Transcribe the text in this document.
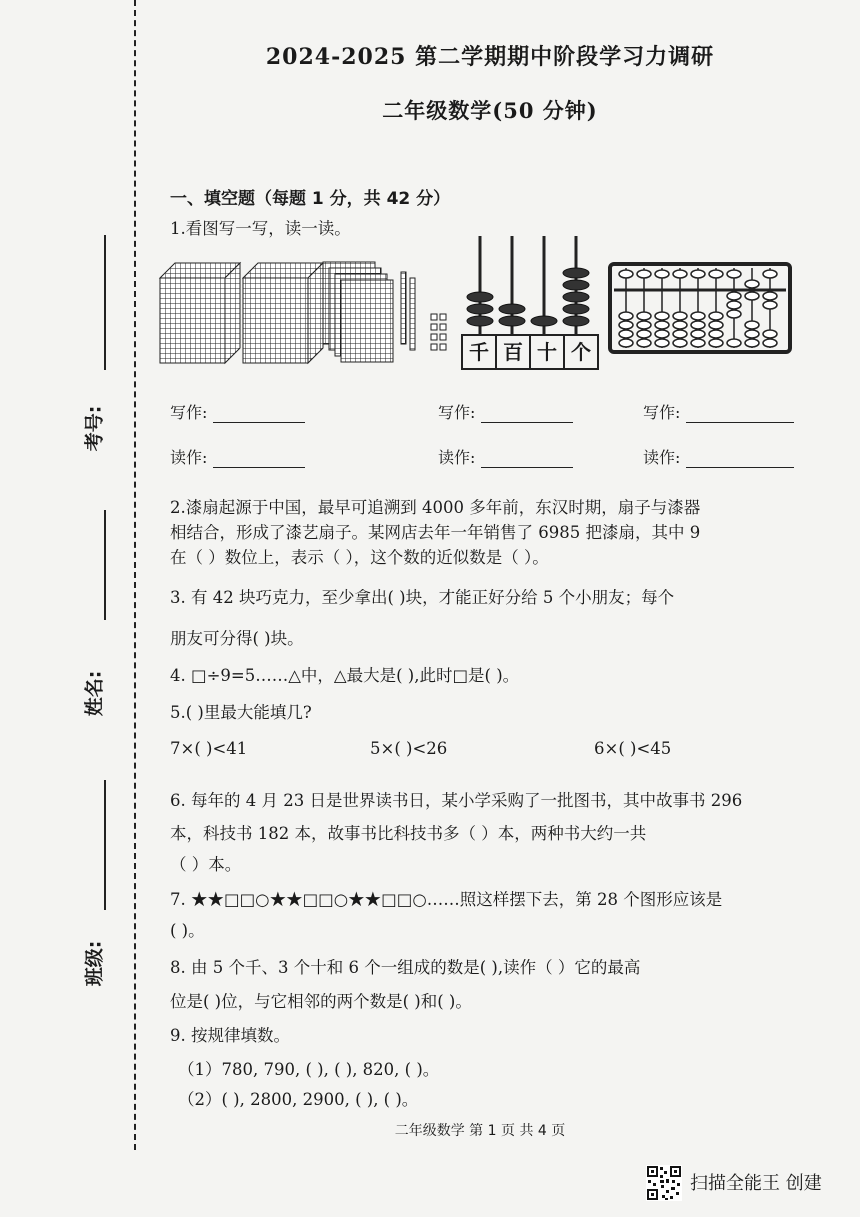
考号:
姓名:
班级:
2024-2025 第二学期期中阶段学习力调研
二年级数学(50 分钟)
一、填空题（每题 1 分，共 42 分）
1.看图写一写，读一读。
千 百 十 个
写作:	写作:	写作:
读作:	读作:	读作:
2.漆扇起源于中国，最早可追溯到 4000 多年前，东汉时期，扇子与漆器
相结合，形成了漆艺扇子。某网店去年一年销售了 6985 把漆扇，其中 9
在（ ）数位上，表示（ ），这个数的近似数是（ ）。
3. 有 42 块巧克力，至少拿出( )块，才能正好分给 5 个小朋友；每个
朋友可分得( )块。
4. □÷9=5……△中，△最大是( ),此时□是( )。
5.( )里最大能填几?
7×( )<41	5×( )<26	6×( )<45
6. 每年的 4 月 23 日是世界读书日，某小学采购了一批图书，其中故事书 296
本，科技书 182 本，故事书比科技书多（ ）本，两种书大约一共
（ ）本。
7. ★★□□○★★□□○★★□□○……照这样摆下去，第 28 个图形应该是
( )。
8. 由 5 个千、3 个十和 6 个一组成的数是( ),读作（ ）它的最高
位是( )位，与它相邻的两个数是( )和( )。
9. 按规律填数。
（1）780, 790, ( ), ( ), 820, ( )。
（2）( ), 2800, 2900, ( ), ( )。
二年级数学 第 1 页 共 4 页
扫描全能王 创建
